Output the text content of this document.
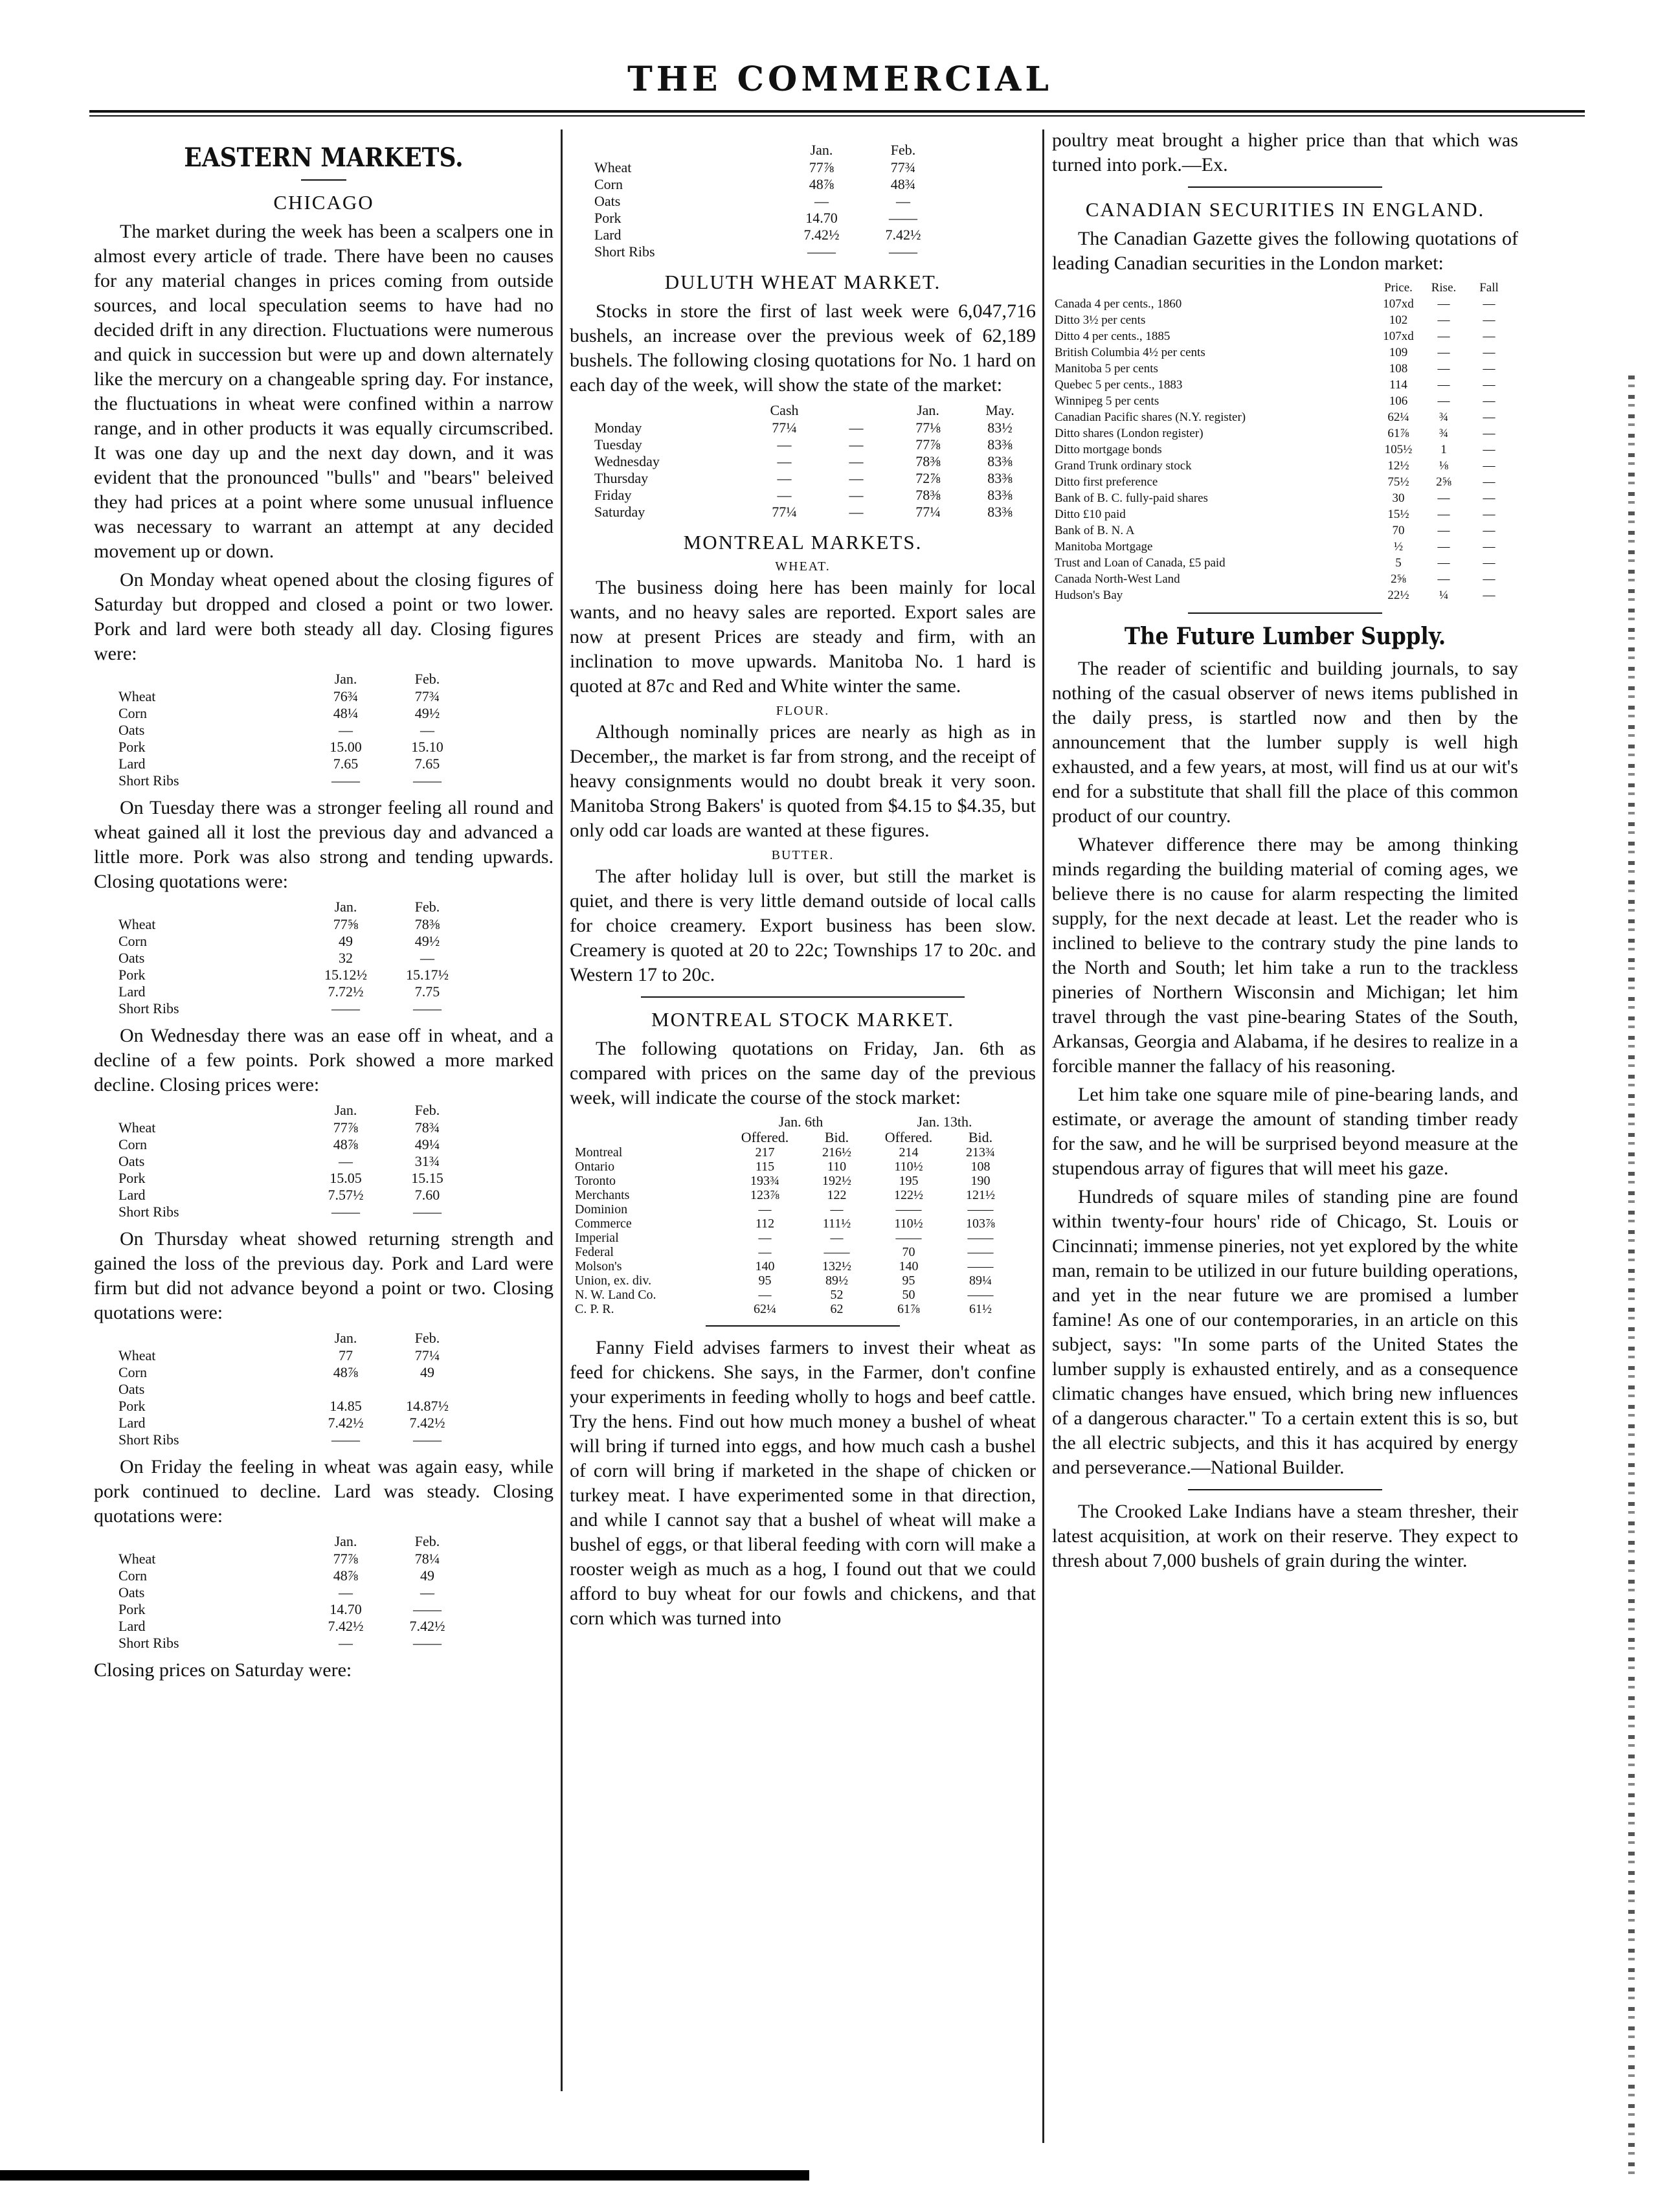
THE COMMERCIAL
EASTERN MARKETS.
CHICAGO

The market during the week has been a scalpers one in almost every article of trade. There have been no causes for any material changes in prices coming from outside sources, and local speculation seems to have had no decided drift in any direction. Fluctuations were numerous and quick in succession but were up and down alternately like the mercury on a changeable spring day. For instance, the fluctuations in wheat were confined within a narrow range, and in other products it was equally circumscribed. It was one day up and the next day down, and it was evident that the pronounced "bulls" and "bears" beleived they had prices at a point where some unusual influence was necessary to warrant an attempt at any decided movement up or down.

On Monday wheat opened about the closing figures of Saturday but dropped and closed a point or two lower. Pork and lard were both steady all day. Closing figures were:

	Jan.	Feb.
Wheat	76¾	77¾
Corn	48¼	49½
Oats	—	—
Pork	15.00	15.10
Lard	7.65	7.65
Short Ribs	——	——

On Tuesday there was a stronger feeling all round and wheat gained all it lost the previous day and advanced a little more. Pork was also strong and tending upwards. Closing quotations were:

	Jan.	Feb.
Wheat	77⅝	78⅜
Corn	49	49½
Oats	32	—
Pork	15.12½	15.17½
Lard	7.72½	7.75
Short Ribs	——	——

On Wednesday there was an ease off in wheat, and a decline of a few points. Pork showed a more marked decline. Closing prices were:

	Jan.	Feb.
Wheat	77⅞	78¾
Corn	48⅞	49¼
Oats	—	31¾
Pork	15.05	15.15
Lard	7.57½	7.60
Short Ribs	——	——

On Thursday wheat showed returning strength and gained the loss of the previous day. Pork and Lard were firm but did not advance beyond a point or two. Closing quotations were:

	Jan.	Feb.
Wheat	77	77¼
Corn	48⅞	49
Oats		
Pork	14.85	14.87½
Lard	7.42½	7.42½
Short Ribs	——	——

On Friday the feeling in wheat was again easy, while pork continued to decline. Lard was steady. Closing quotations were:

	Jan.	Feb.
Wheat	77⅞	78¼
Corn	48⅞	49
Oats	—	—
Pork	14.70	——
Lard	7.42½	7.42½
Short Ribs	—	——

Closing prices on Saturday were:

	Jan.	Feb.
Wheat	77⅞	77¾
Corn	48⅞	48¾
Oats	—	—
Pork	14.70	——
Lard	7.42½	7.42½
Short Ribs	——	——
DULUTH WHEAT MARKET.

Stocks in store the first of last week were 6,047,716 bushels, an increase over the previous week of 62,189 bushels. The following closing quotations for No. 1 hard on each day of the week, will show the state of the market:

	Cash		Jan.	May.
Monday	77¼	—	77⅛	83½
Tuesday	—	—	77⅞	83⅜
Wednesday	—	—	78⅜	83⅜
Thursday	—	—	72⅞	83⅜
Friday	—	—	78⅜	83⅜
Saturday	77¼	—	77¼	83⅜
MONTREAL MARKETS.
WHEAT.

The business doing here has been mainly for local wants, and no heavy sales are reported. Export sales are now at present Prices are steady and firm, with an inclination to move upwards. Manitoba No. 1 hard is quoted at 87c and Red and White winter the same.

FLOUR.

Although nominally prices are nearly as high as in December,, the market is far from strong, and the receipt of heavy consignments would no doubt break it very soon. Manitoba Strong Bakers' is quoted from $4.15 to $4.35, but only odd car loads are wanted at these figures.

BUTTER.

The after holiday lull is over, but still the market is quiet, and there is very little demand outside of local calls for choice creamery. Export business has been slow. Creamery is quoted at 20 to 22c; Townships 17 to 20c. and Western 17 to 20c.

MONTREAL STOCK MARKET.

The following quotations on Friday, Jan. 6th as compared with prices on the same day of the previous week, will indicate the course of the stock market:

	Jan. 6th		Jan. 13th.	
	Offered.	Bid.	Offered.	Bid.
Montreal	217	216½	214	213¾
Ontario	115	110	110½	108
Toronto	193¾	192½	195	190
Merchants	123⅞	122	122½	121½
Dominion	—	—	——	——
Commerce	112	111½	110½	103⅞
Imperial	—	—	——	——
Federal	—	——	70	——
Molson's	140	132½	140	——
Union, ex. div.	95	89½	95	89¼
N. W. Land Co.	—	52	50	——
C. P. R.	62¼	62	61⅞	61½

Fanny Field advises farmers to invest their wheat as feed for chickens. She says, in the Farmer, don't confine your experiments in feeding wholly to hogs and beef cattle. Try the hens. Find out how much money a bushel of wheat will bring if turned into eggs, and how much cash a bushel of corn will bring if marketed in the shape of chicken or turkey meat. I have experimented some in that direction, and while I cannot say that a bushel of wheat will make a bushel of eggs, or that liberal feeding with corn will make a rooster weigh as much as a hog, I found out that we could afford to buy wheat for our fowls and chickens, and that corn which was turned into

poultry meat brought a higher price than that which was turned into pork.—Ex.

CANADIAN SECURITIES IN ENGLAND.

The Canadian Gazette gives the following quotations of leading Canadian securities in the London market:

	Price.	Rise.	Fall
Canada 4 per cents., 1860	107xd	—	—
Ditto 3½ per cents	102	—	—
Ditto 4 per cents., 1885	107xd	—	—
British Columbia 4½ per cents	109	—	—
Manitoba 5 per cents	108	—	—
Quebec 5 per cents., 1883	114	—	—
Winnipeg 5 per cents	106	—	—
Canadian Pacific shares (N.Y. register)	62¼	¾	—
Ditto shares (London register)	61⅞	¾	—
Ditto mortgage bonds	105½	1	—
Grand Trunk ordinary stock	12½	⅛	—
Ditto first preference	75½	2⅝	—
Bank of B. C. fully-paid shares	30	—	—
Ditto £10 paid	15½	—	—
Bank of B. N. A	70	—	—
Manitoba Mortgage	½	—	—
Trust and Loan of Canada, £5 paid	5	—	—
Canada North-West Land	2⅝	—	—
Hudson's Bay	22½	¼	—
The Future Lumber Supply.

The reader of scientific and building journals, to say nothing of the casual observer of news items published in the daily press, is startled now and then by the announcement that the lumber supply is well high exhausted, and a few years, at most, will find us at our wit's end for a substitute that shall fill the place of this common product of our country.

Whatever difference there may be among thinking minds regarding the building material of coming ages, we believe there is no cause for alarm respecting the limited supply, for the next decade at least. Let the reader who is inclined to believe to the contrary study the pine lands to the North and South; let him take a run to the trackless pineries of Northern Wisconsin and Michigan; let him travel through the vast pine-bearing States of the South, Arkansas, Georgia and Alabama, if he desires to realize in a forcible manner the fallacy of his reasoning.

Let him take one square mile of pine-bearing lands, and estimate, or average the amount of standing timber ready for the saw, and he will be surprised beyond measure at the stupendous array of figures that will meet his gaze.

Hundreds of square miles of standing pine are found within twenty-four hours' ride of Chicago, St. Louis or Cincinnati; immense pineries, not yet explored by the white man, remain to be utilized in our future building operations, and yet in the near future we are promised a lumber famine! As one of our contemporaries, in an article on this subject, says: "In some parts of the United States the lumber supply is exhausted entirely, and as a consequence climatic changes have ensued, which bring new influences of a dangerous character." To a certain extent this is so, but the all electric subjects, and this it has acquired by energy and perseverance.—National Builder.

The Crooked Lake Indians have a steam thresher, their latest acquisition, at work on their reserve. They expect to thresh about 7,000 bushels of grain during the winter.
